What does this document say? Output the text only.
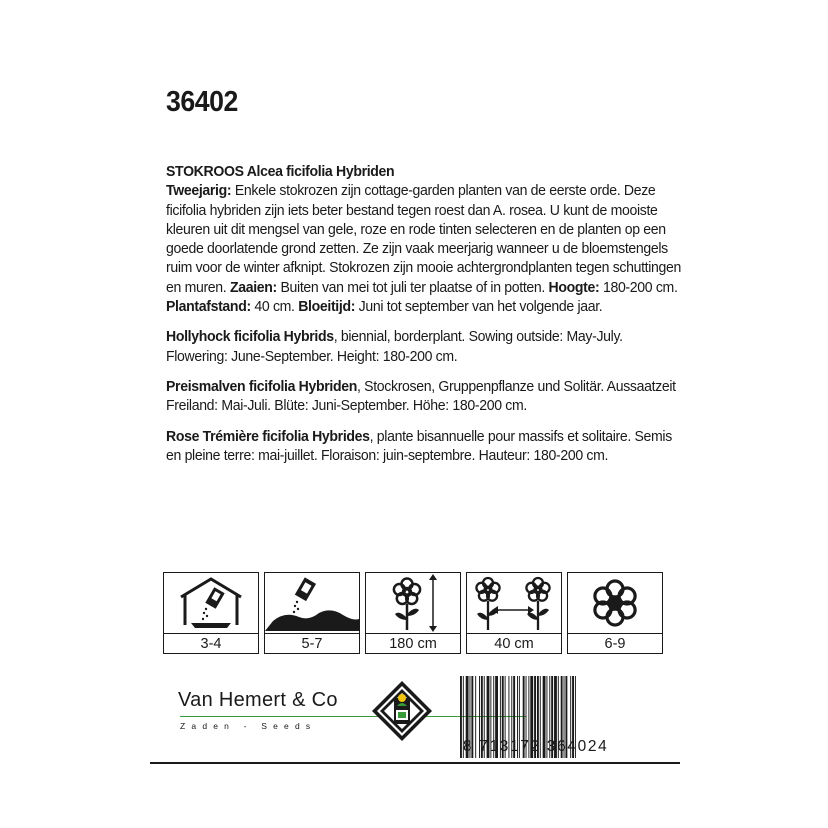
36402

STOKROOS Alcea ficifolia Hybriden
Tweejarig: Enkele stokrozen zijn cottage-garden planten van de eerste orde. Deze ficifolia hybriden zijn iets beter bestand tegen roest dan A. rosea. U kunt de mooiste kleuren uit dit mengsel van gele, roze en rode tinten selecteren en de planten op een goede doorlatende grond zetten. Ze zijn vaak meerjarig wanneer u de bloemstengels ruim voor de winter afknipt. Stokrozen zijn mooie achtergrondplanten tegen schuttingen en muren. Zaaien: Buiten van mei tot juli ter plaatse of in potten. Hoogte: 180-200 cm. Plantafstand: 40 cm. Bloeitijd: Juni tot september van het volgende jaar.

Hollyhock ficifolia Hybrids, biennial, borderplant. Sowing outside: May-July. Flowering: June-September. Height: 180-200 cm.

Preismalven ficifolia Hybriden, Stockrosen, Gruppenpflanze und Solitär. Aussaatzeit Freiland: Mai-Juli. Blüte: Juni-September. Höhe: 180-200 cm.

Rose Trémière ficifolia Hybrides, plante bisannuelle pour massifs et solitaire. Semis en pleine terre: mai-juillet. Floraison: juin-septembre. Hauteur: 180-200 cm.

3-4	5-7	180 cm	40 cm	6-9
Van Hemert & Co
Zaden - Seeds
8 713172 364024
